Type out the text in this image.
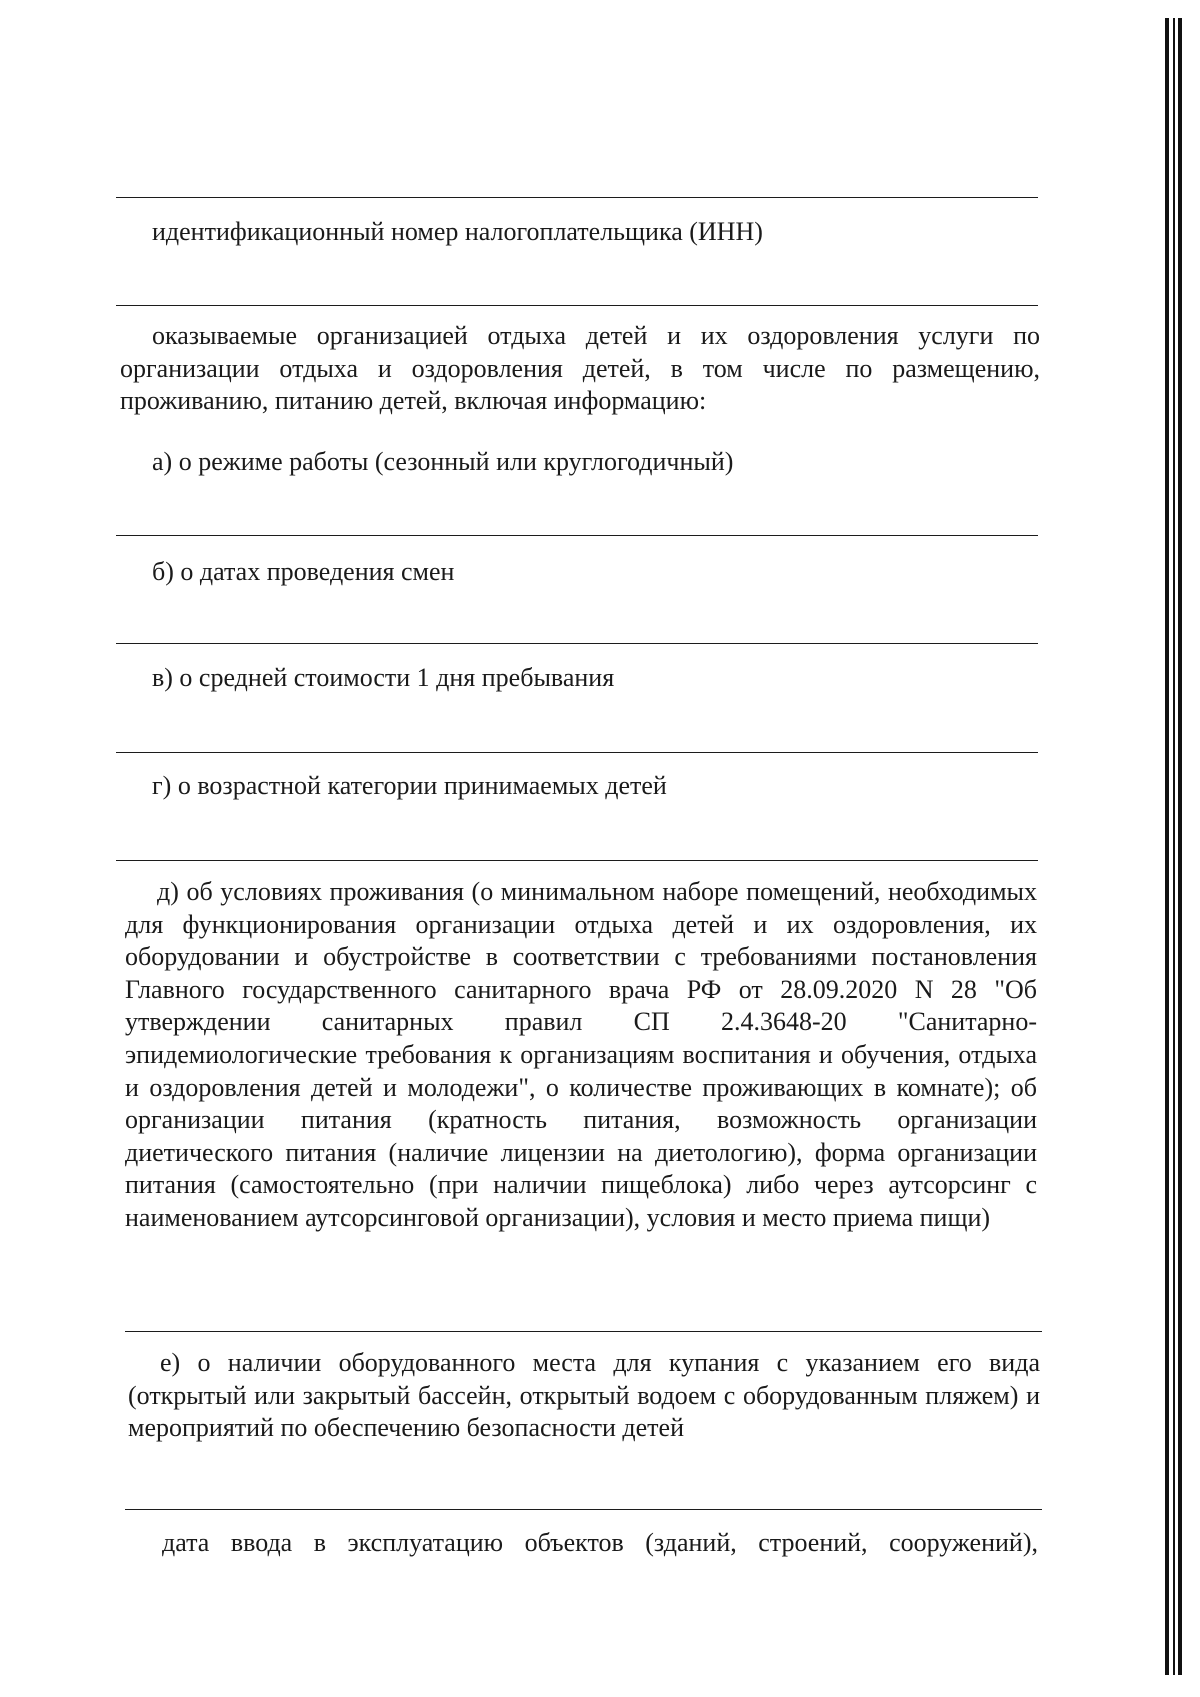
идентификационный номер налогоплательщика (ИНН)
оказываемые организацией отдыха детей и их оздоровления услуги по организации отдыха и оздоровления детей, в том числе по размещению, проживанию, питанию детей, включая информацию:
а) о режиме работы (сезонный или круглогодичный)
б) о датах проведения смен
в) о средней стоимости 1 дня пребывания
г) о возрастной категории принимаемых детей
д) об условиях проживания (о минимальном наборе помещений, необходимых для функционирования организации отдыха детей и их оздоровления, их оборудовании и обустройстве в соответствии с требованиями постановления Главного государственного санитарного врача РФ от 28.09.2020 N 28 "Об утверждении санитарных правил СП 2.4.3648-20 "Санитарно-эпидемиологические требования к организациям воспитания и обучения, отдыха и оздоровления детей и молодежи", о количестве проживающих в комнате); об организации питания (кратность питания, возможность организации диетического питания (наличие лицензии на диетологию), форма организации питания (самостоятельно (при наличии пищеблока) либо через аутсорсинг с наименованием аутсорсинговой организации), условия и место приема пищи)
е) о наличии оборудованного места для купания с указанием его вида (открытый или закрытый бассейн, открытый водоем с оборудованным пляжем) и мероприятий по обеспечению безопасности детей
дата ввода в эксплуатацию объектов (зданий, строений, сооружений),
